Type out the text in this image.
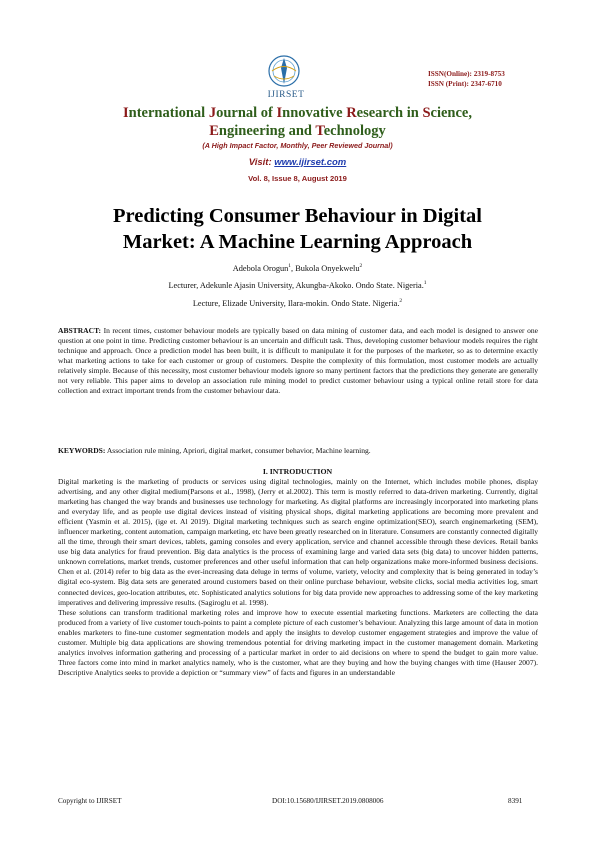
IJIRSET
ISSN(Online): 2319-8753
ISSN (Print): 2347-6710
International Journal of Innovative Research in Science,
Engineering and Technology
(A High Impact Factor, Monthly, Peer Reviewed Journal)
Visit: www.ijirset.com
Vol. 8, Issue 8, August 2019
Predicting Consumer Behaviour in Digital
Market: A Machine Learning Approach
Adebola Orogun$^1$, Bukola Onyekwelu$^2$
Lecturer, Adekunle Ajasin University, Akungba-Akoko. Ondo State. Nigeria.$^1$
Lecture, Elizade University, Ilara-mokin. Ondo State. Nigeria.$^2$
ABSTRACT: In recent times, customer behaviour models are typically based on data mining of customer data, and each model is designed to answer one question at one point in time. Predicting customer behaviour is an uncertain and difficult task. Thus, developing customer behaviour models requires the right technique and approach. Once a prediction model has been built, it is difficult to manipulate it for the purposes of the marketer, so as to determine exactly what marketing actions to take for each customer or group of customers. Despite the complexity of this formulation, most customer models are actually relatively simple. Because of this necessity, most customer behaviour models ignore so many pertinent factors that the predictions they generate are generally not very reliable. This paper aims to develop an association rule mining model to predict customer behaviour using a typical online retail store for data collection and extract important trends from the customer behaviour data.
KEYWORDS: Association rule mining, Apriori, digital market, consumer behavior, Machine learning.
I. INTRODUCTION

Digital marketing is the marketing of products or services using digital technologies, mainly on the Internet, which includes mobile phones, display advertising, and any other digital medium(Parsons et al., 1998), (Jerry et al.2002). This term is mostly referred to data-driven marketing. Currently, digital marketing has changed the way brands and businesses use technology for marketing. As digital platforms are increasingly incorporated into marketing plans and everyday life, and as people use digital devices instead of visiting physical shops, digital marketing applications are becoming more prevalent and efficient (Yasmin et al. 2015), (ige et. Al 2019). Digital marketing techniques such as search engine optimization(SEO), search enginemarketing (SEM), influencer marketing, content automation, campaign marketing, etc have been greatly researched on in literature. Consumers are constantly connected digitally all the time, through their smart devices, tablets, gaming consoles and every application, service and channel accessible through these devices. Retail banks use big data analytics for fraud prevention. Big data analytics is the process of examining large and varied data sets (big data) to uncover hidden patterns, unknown correlations, market trends, customer preferences and other useful information that can help organizations make more-informed business decisions. Chen et al. (2014) refer to big data as the ever-increasing data deluge in terms of volume, variety, velocity and complexity that is being generated in today’s digital eco-system. Big data sets are generated around customers based on their online purchase behaviour, website clicks, social media activities log, smart connected devices, geo-location attributes, etc. Sophisticated analytics solutions for big data provide new approaches to addressing some of the key marketing imperatives and delivering impressive results. (Sagiroglu et al. 1998).

These solutions can transform traditional marketing roles and improve how to execute essential marketing functions. Marketers are collecting the data produced from a variety of live customer touch-points to paint a complete picture of each customer’s behaviour. Analyzing this large amount of data in motion enables marketers to fine-tune customer segmentation models and apply the insights to develop customer engagement strategies and improve the value of customer. Multiple big data applications are showing tremendous potential for driving marketing impact in the customer management domain. Marketing analytics involves information gathering and processing of a particular market in order to aid decisions on where to spend the budget to gain more value. Three factors come into mind in market analytics namely, who is the customer, what are they buying and how the buying changes with time (Hauser 2007). Descriptive Analytics seeks to provide a depiction or “summary view” of facts and figures in an understandable

Copyright to IJIRSET	DOI:10.15680/IJIRSET.2019.0808006	8391
